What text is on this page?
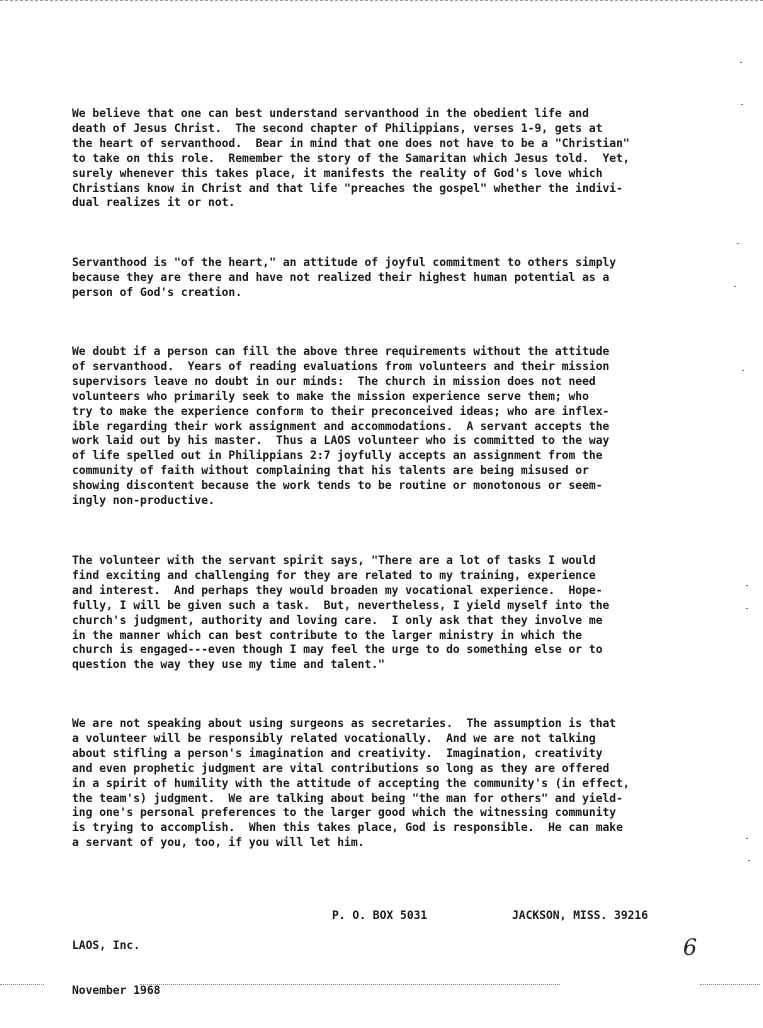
We believe that one can best understand servanthood in the obedient life and
death of Jesus Christ.  The second chapter of Philippians, verses 1-9, gets at
the heart of servanthood.  Bear in mind that one does not have to be a "Christian"
to take on this role.  Remember the story of the Samaritan which Jesus told.  Yet,
surely whenever this takes place, it manifests the reality of God's love which
Christians know in Christ and that life "preaches the gospel" whether the indivi-
dual realizes it or not.
Servanthood is "of the heart," an attitude of joyful commitment to others simply
because they are there and have not realized their highest human potential as a
person of God's creation.
We doubt if a person can fill the above three requirements without the attitude
of servanthood.  Years of reading evaluations from volunteers and their mission
supervisors leave no doubt in our minds:  The church in mission does not need
volunteers who primarily seek to make the mission experience serve them; who
try to make the experience conform to their preconceived ideas; who are inflex-
ible regarding their work assignment and accommodations.  A servant accepts the
work laid out by his master.  Thus a LAOS volunteer who is committed to the way
of life spelled out in Philippians 2:7 joyfully accepts an assignment from the
community of faith without complaining that his talents are being misused or
showing discontent because the work tends to be routine or monotonous or seem-
ingly non-productive.
The volunteer with the servant spirit says, "There are a lot of tasks I would
find exciting and challenging for they are related to my training, experience
and interest.  And perhaps they would broaden my vocational experience.  Hope-
fully, I will be given such a task.  But, nevertheless, I yield myself into the
church's judgment, authority and loving care.  I only ask that they involve me
in the manner which can best contribute to the larger ministry in which the
church is engaged---even though I may feel the urge to do something else or to
question the way they use my time and talent."
We are not speaking about using surgeons as secretaries.  The assumption is that
a volunteer will be responsibly related vocationally.  And we are not talking
about stifling a person's imagination and creativity.  Imagination, creativity
and even prophetic judgment are vital contributions so long as they are offered
in a spirit of humility with the attitude of accepting the community's (in effect,
the team's) judgment.  We are talking about being "the man for others" and yield-
ing one's personal preferences to the larger good which the witnessing community
is trying to accomplish.  When this takes place, God is responsible.  He can make
a servant of you, too, if you will let him.

LAOS, Inc.

November 1968

P. O. BOX 5031	JACKSON, MISS. 39216
6
